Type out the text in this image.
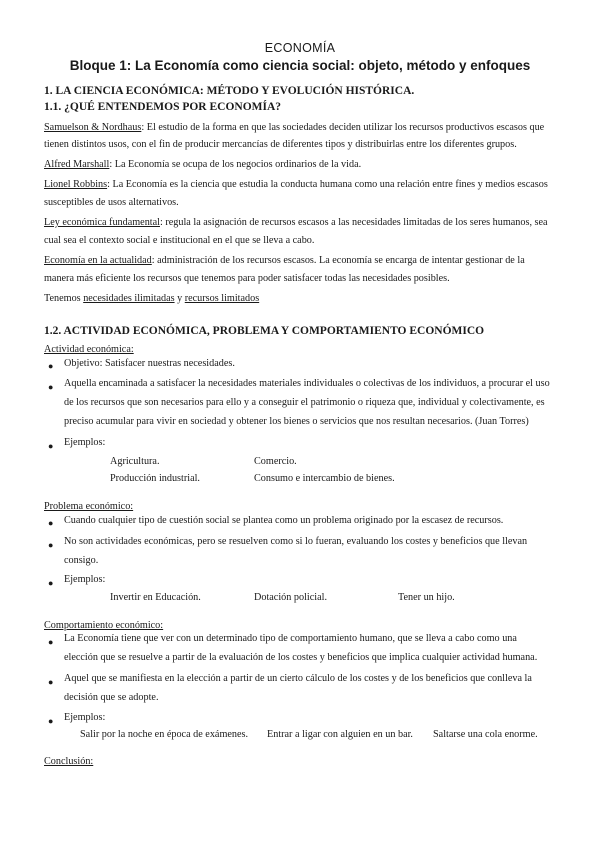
ECONOMÍA
Bloque 1: La Economía como ciencia social: objeto, método y enfoques
1. LA CIENCIA ECONÓMICA: MÉTODO Y EVOLUCIÓN HISTÓRICA.
1.1. ¿QUÉ ENTENDEMOS POR ECONOMÍA?
Samuelson & Nordhaus: El estudio de la forma en que las sociedades deciden utilizar los recursos productivos escasos que
tienen distintos usos, con el fin de producir mercancías de diferentes tipos y distribuirlas entre los diferentes grupos.
Alfred Marshall: La Economía se ocupa de los negocios ordinarios de la vida.
Lionel Robbins: La Economía es la ciencia que estudia la conducta humana como una relación entre fines y medios escasos
susceptibles de usos alternativos.
Ley económica fundamental: regula la asignación de recursos escasos a las necesidades limitadas de los seres humanos, sea
cual sea el contexto social e institucional en el que se lleva a cabo.
Economía en la actualidad: administración de los recursos escasos. La economía se encarga de intentar gestionar de la
manera más eficiente los recursos que tenemos para poder satisfacer todas las necesidades posibles.
Tenemos necesidades ilimitadas y recursos limitados
1.2. ACTIVIDAD ECONÓMICA, PROBLEMA Y COMPORTAMIENTO ECONÓMICO
Actividad económica:
● Objetivo: Satisfacer nuestras necesidades.
● Aquella encaminada a satisfacer la necesidades materiales individuales o colectivas de los individuos, a procurar el uso
de los recursos que son necesarios para ello y a conseguir el patrimonio o riqueza que, individual y colectivamente, es
preciso acumular para vivir en sociedad y obtener los bienes o servicios que nos resultan necesarios. (Juan Torres)
● Ejemplos:
Agricultura.	Comercio.
Producción industrial.	Consumo e intercambio de bienes.
Problema económico:
● Cuando cualquier tipo de cuestión social se plantea como un problema originado por la escasez de recursos.
● No son actividades económicas, pero se resuelven como si lo fueran, evaluando los costes y beneficios que llevan
consigo.
● Ejemplos:
Invertir en Educación.	Dotación policial.	Tener un hijo.
Comportamiento económico:
● La Economía tiene que ver con un determinado tipo de comportamiento humano, que se lleva a cabo como una
elección que se resuelve a partir de la evaluación de los costes y beneficios que implica cualquier actividad humana.
● Aquel que se manifiesta en la elección a partir de un cierto cálculo de los costes y de los beneficios que conlleva la
decisión que se adopte.
● Ejemplos:
Salir por la noche en época de exámenes. Entrar a ligar con alguien en un bar. Saltarse una cola enorme.
Conclusión:
